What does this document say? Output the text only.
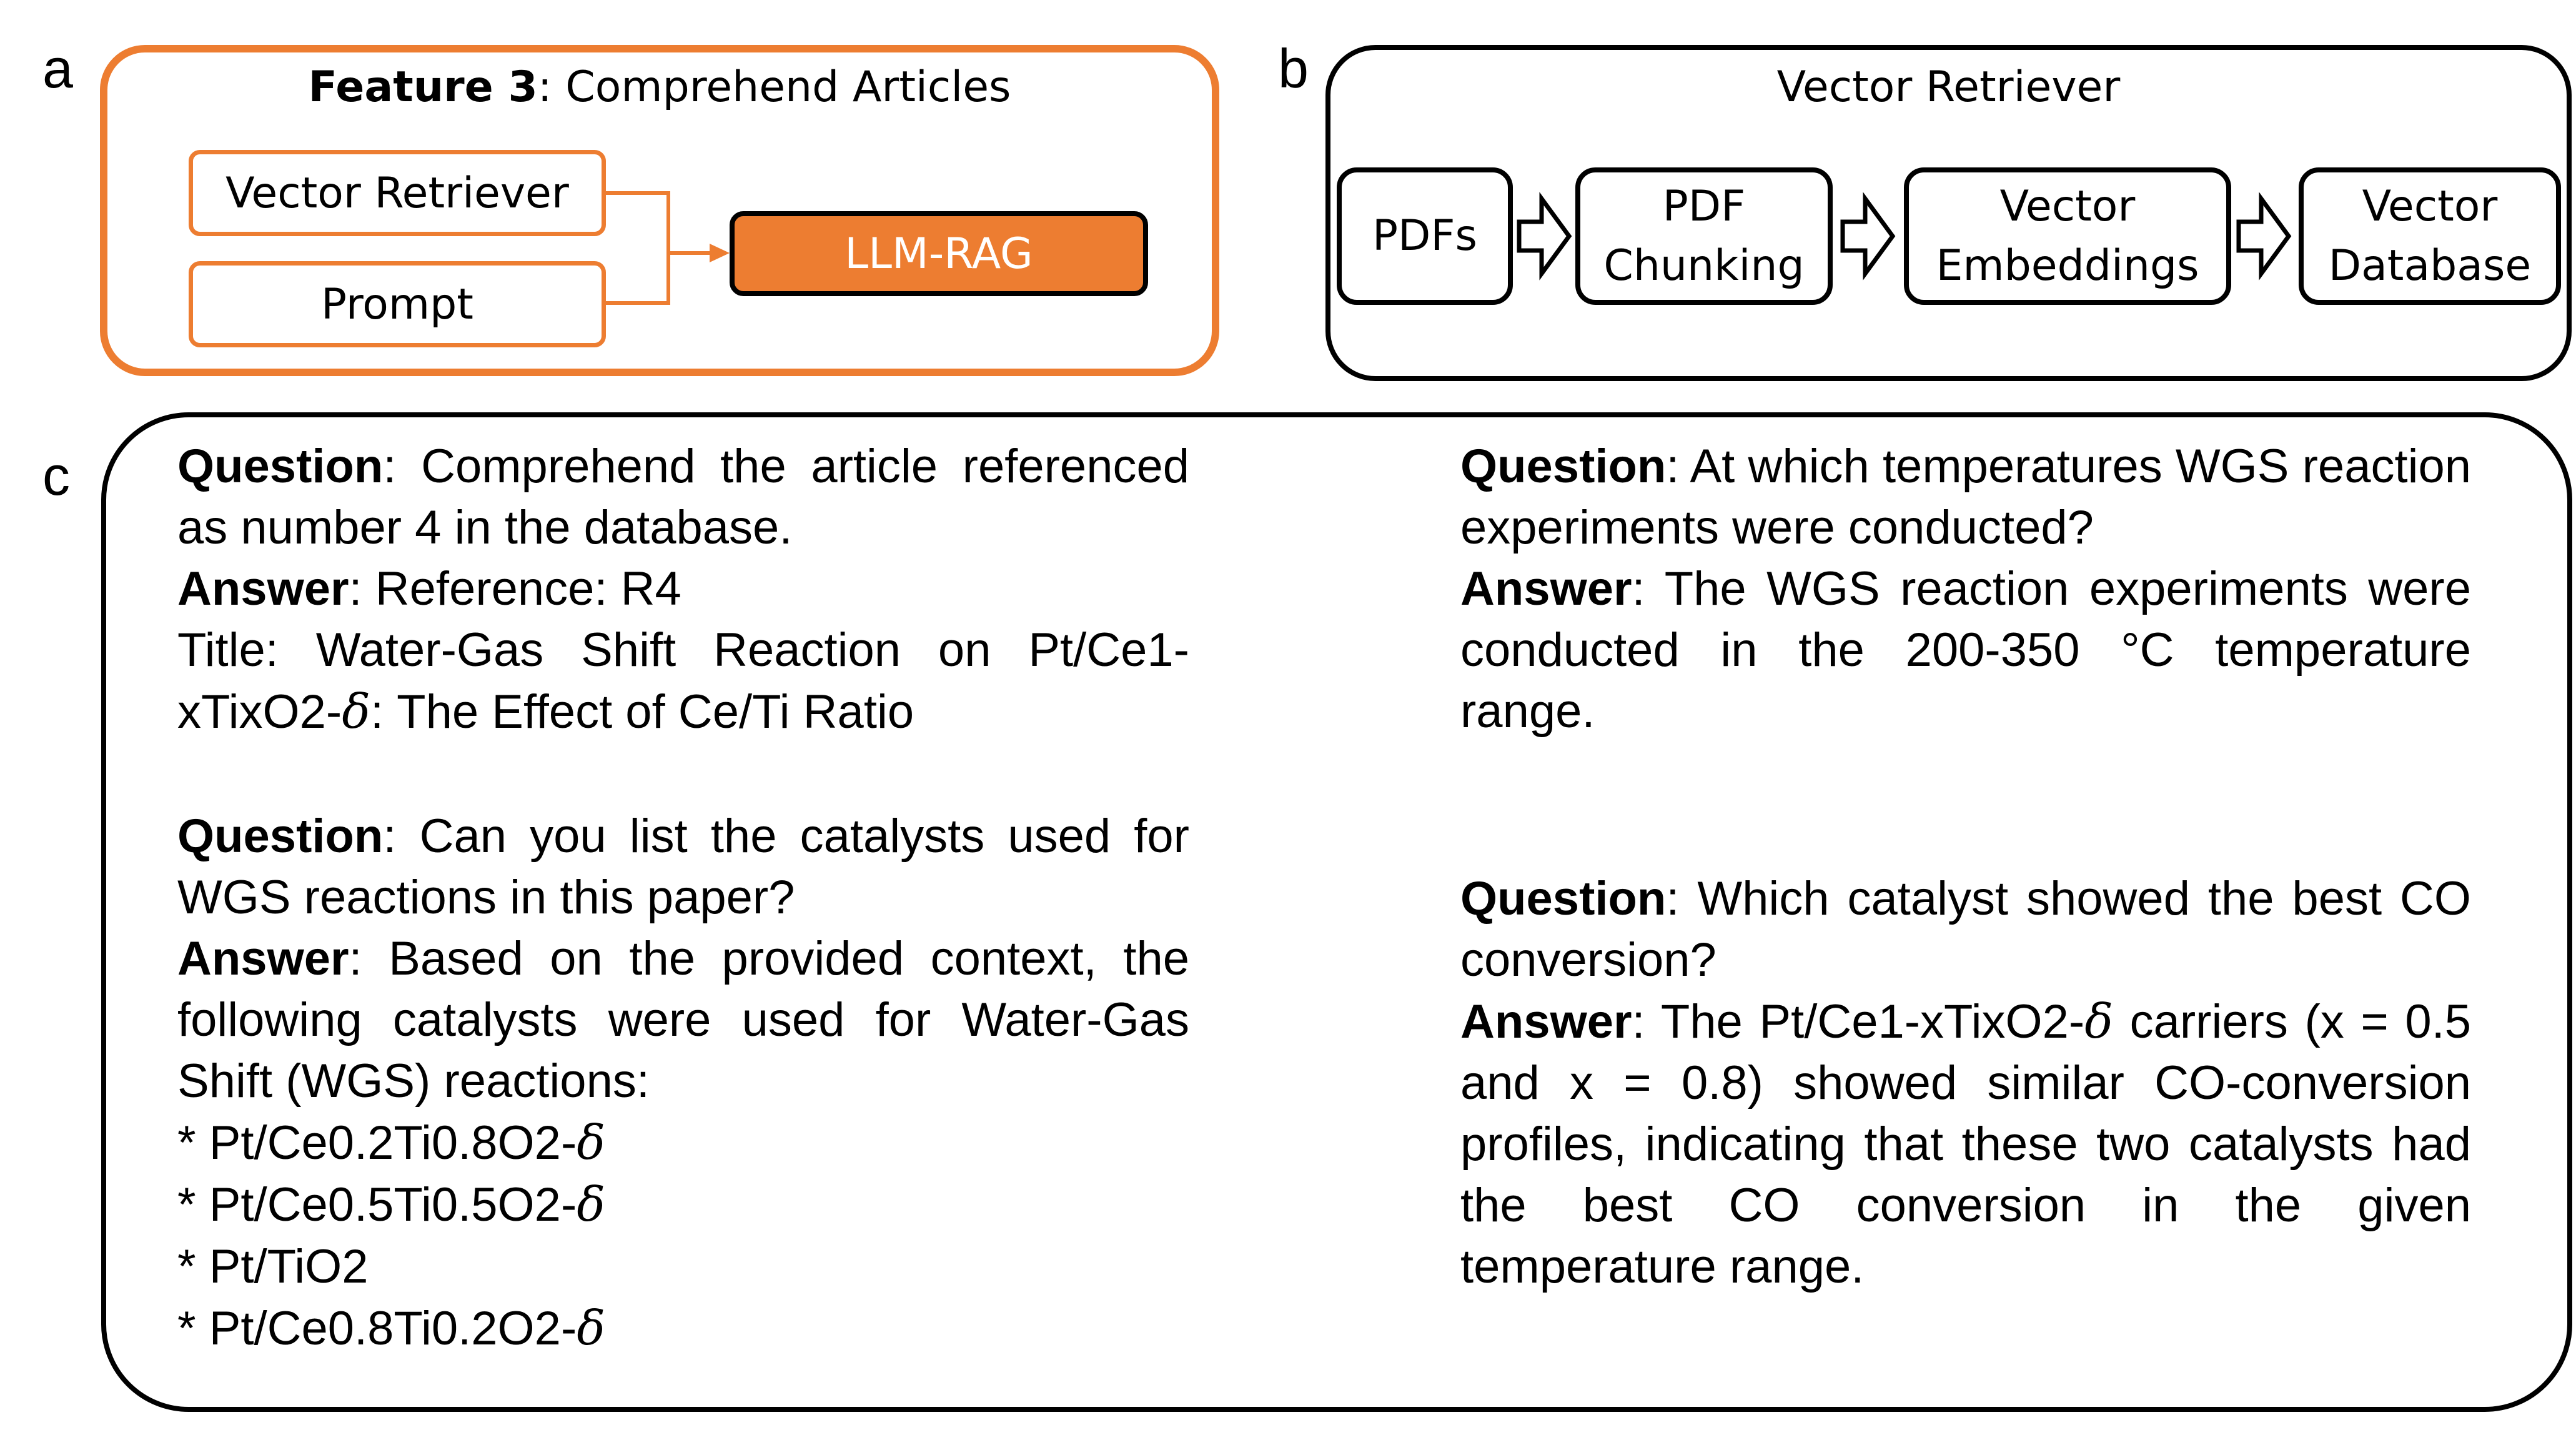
a	b
c
Feature 3: Comprehend Articles
Vector Retriever
Prompt
LLM-RAG
Vector Retriever
PDFs
PDF Chunking
Vector Embeddings
Vector Database

Question: Comprehend the article referenced as number 4 in the database.

Answer: Reference: R4

Title: Water-Gas Shift Reaction on Pt/Ce1-xTixO2-δ: The Effect of Ce/Ti Ratio

Question: Can you list the catalysts used for WGS reactions in this paper?

Answer: Based on the provided context, the following catalysts were used for Water-Gas Shift (WGS) reactions:

* Pt/Ce0.2Ti0.8O2-δ

* Pt/Ce0.5Ti0.5O2-δ

* Pt/TiO2

* Pt/Ce0.8Ti0.2O2-δ

Question: At which temperatures WGS reaction experiments were conducted?

Answer: The WGS reaction experiments were conducted in the 200-350 °C temperature range.

Question: Which catalyst showed the best CO conversion?

Answer: The Pt/Ce1-xTixO2-δ carriers (x = 0.5 and x = 0.8) showed similar CO-conversion profiles, indicating that these two catalysts had the best CO conversion in the given temperature range.
